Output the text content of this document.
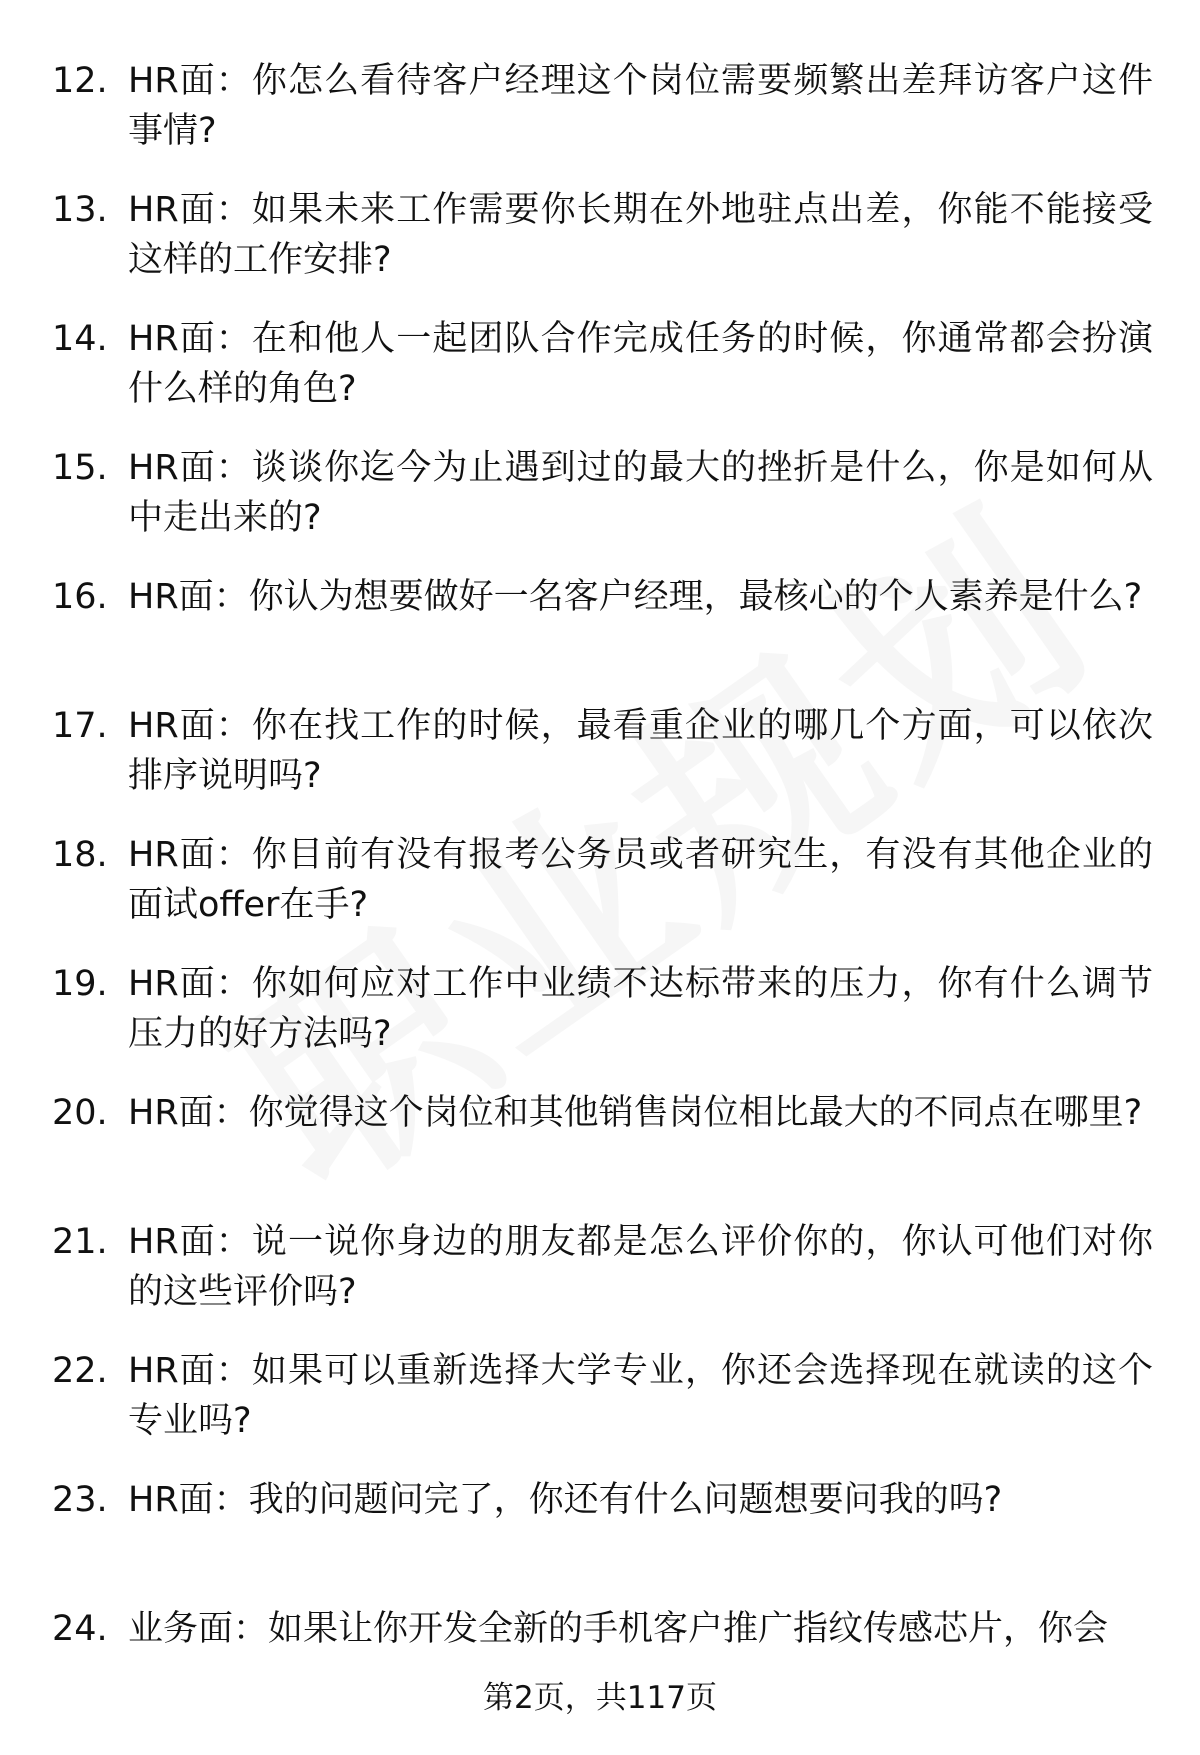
12. HR面：你怎么看待客户经理这个岗位需要频繁出差拜访客户这件事情?
13. HR面：如果未来工作需要你长期在外地驻点出差，你能不能接受这样的工作安排?
14. HR面：在和他人一起团队合作完成任务的时候，你通常都会扮演什么样的角色?
15. HR面：谈谈你迄今为止遇到过的最大的挫折是什么，你是如何从中走出来的?
16. HR面：你认为想要做好一名客户经理，最核心的个人素养是什么?
17. HR面：你在找工作的时候，最看重企业的哪几个方面，可以依次排序说明吗?
18. HR面：你目前有没有报考公务员或者研究生，有没有其他企业的面试offer在手?
19. HR面：你如何应对工作中业绩不达标带来的压力，你有什么调节压力的好方法吗?
20. HR面：你觉得这个岗位和其他销售岗位相比最大的不同点在哪里?
21. HR面：说一说你身边的朋友都是怎么评价你的，你认可他们对你的这些评价吗?
22. HR面：如果可以重新选择大学专业，你还会选择现在就读的这个专业吗?
23. HR面：我的问题问完了，你还有什么问题想要问我的吗?
24. 业务面：如果让你开发全新的手机客户推广指纹传感芯片，你会
第2页，共117页
